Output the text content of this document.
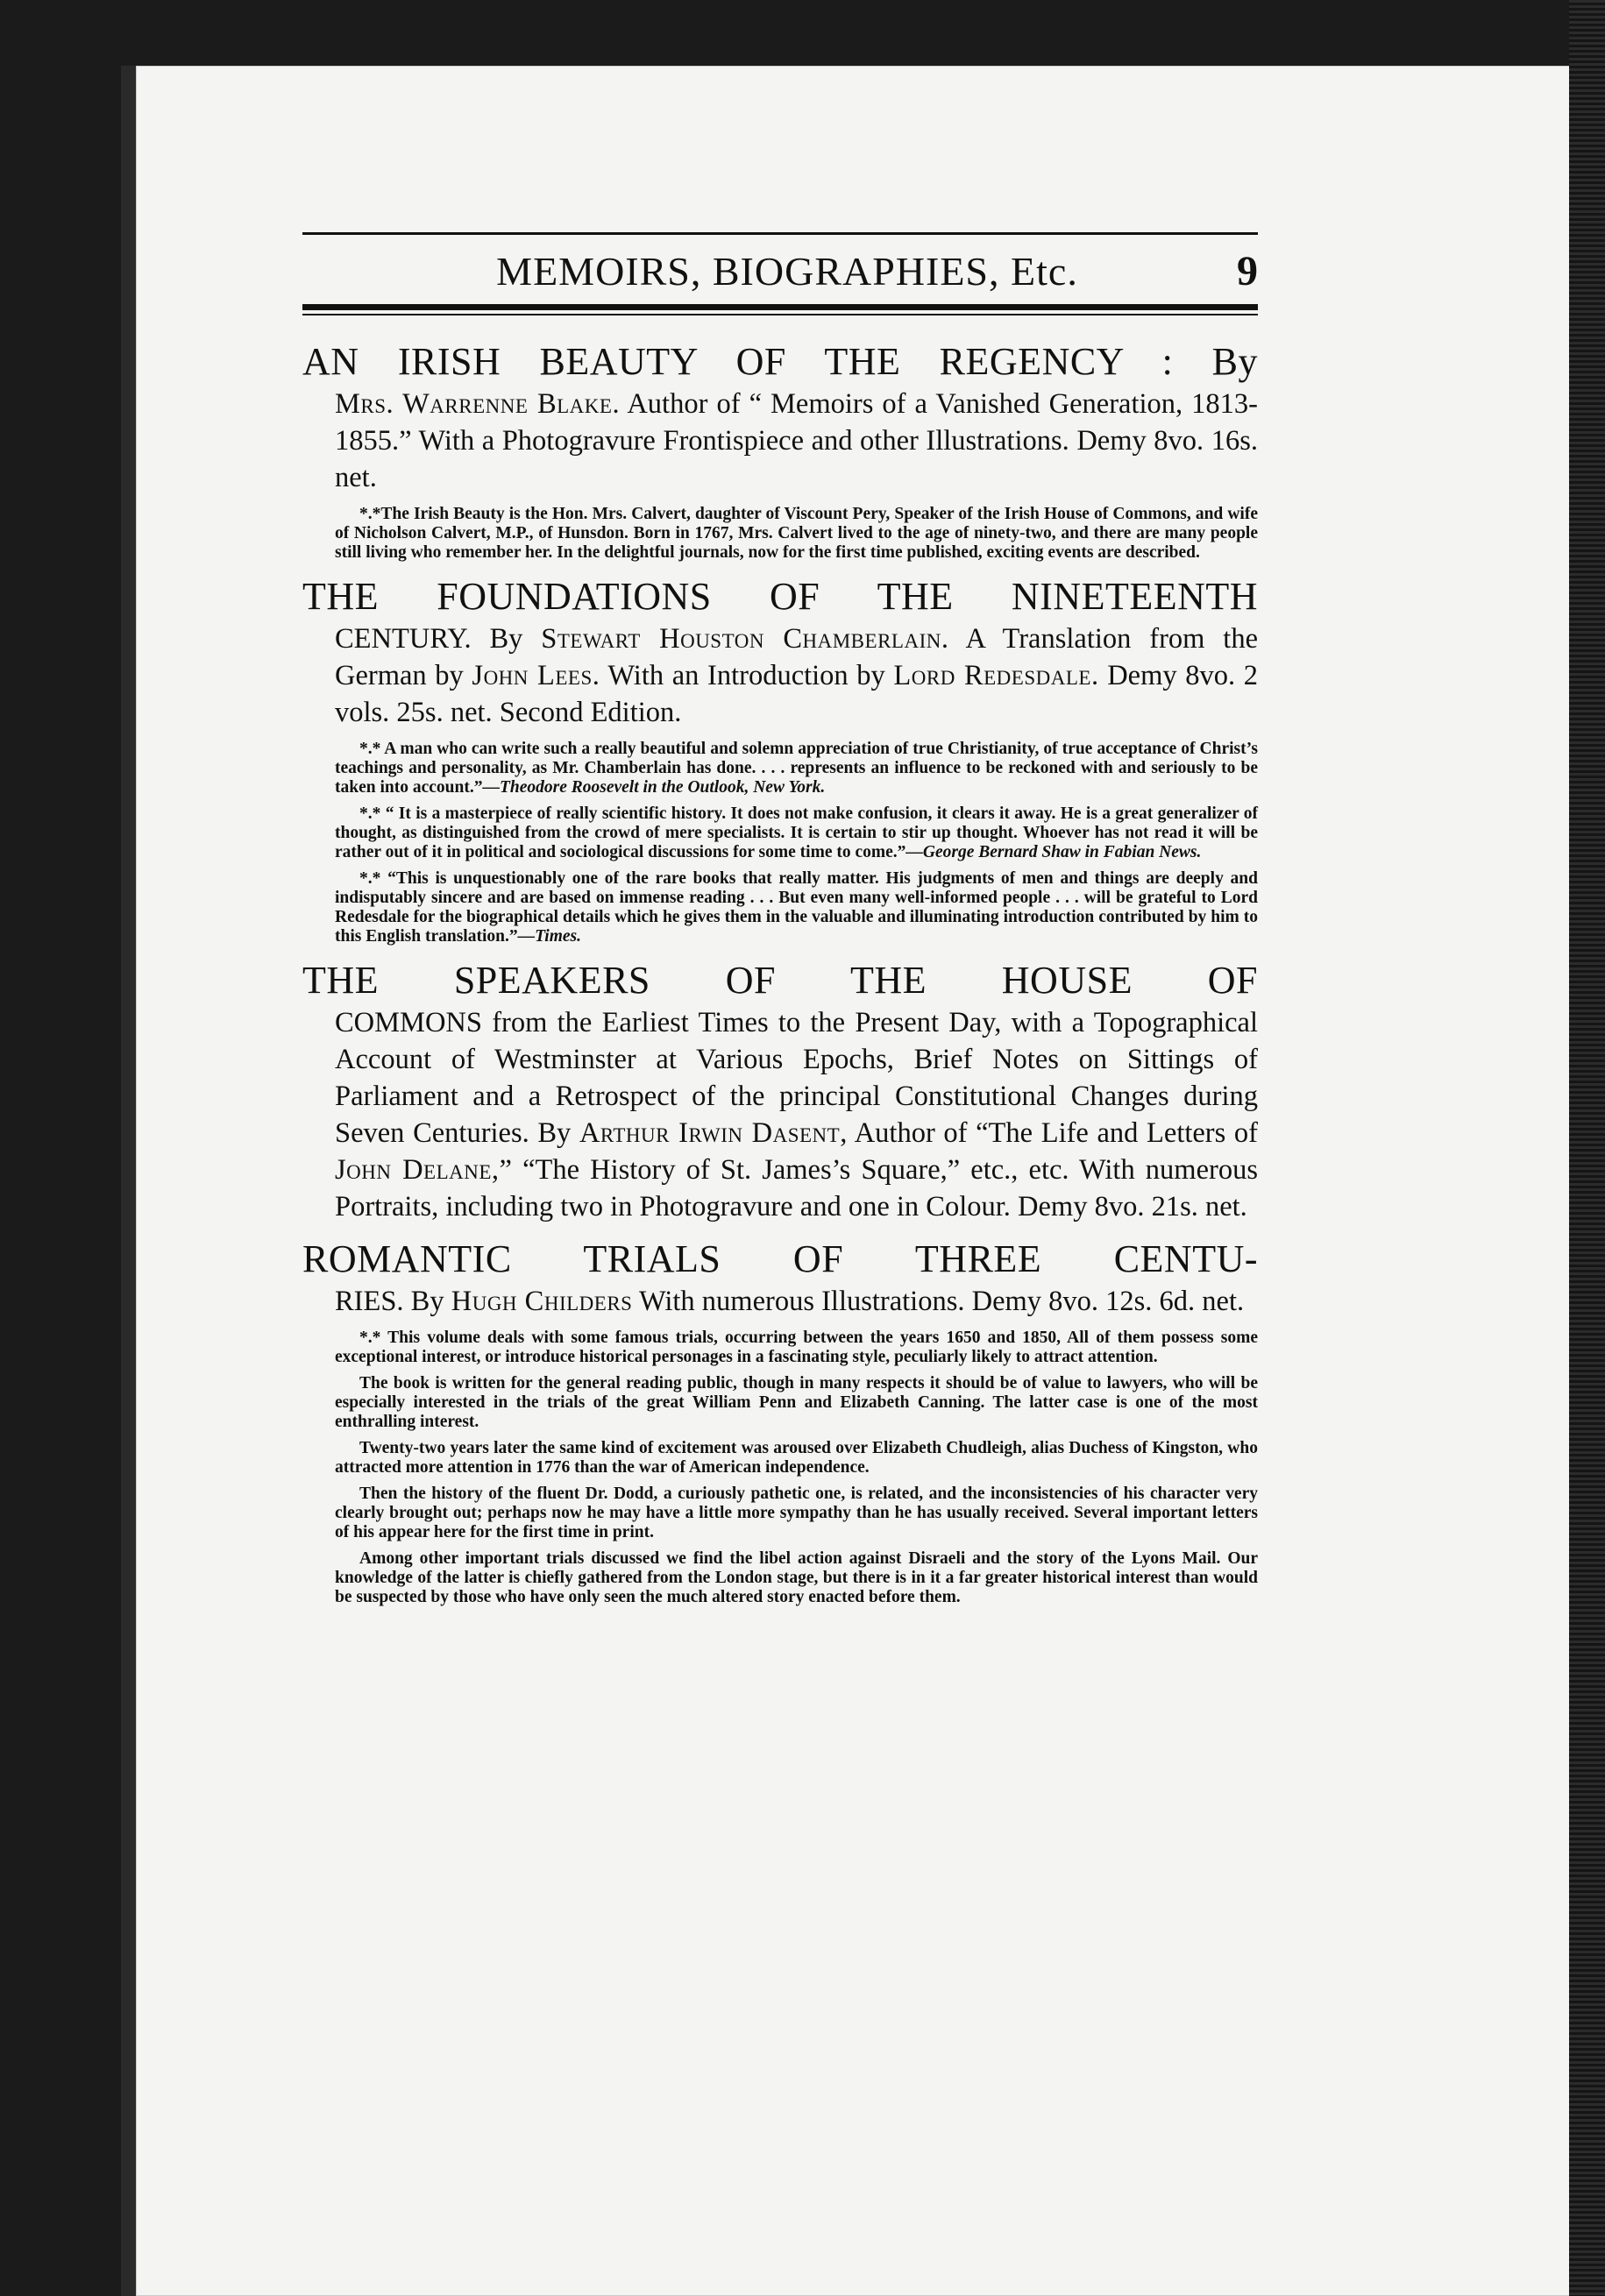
MEMOIRS, BIOGRAPHIES, Etc.	9
AN IRISH BEAUTY OF THE REGENCY : By
Mrs. Warrenne Blake. Author of “ Memoirs of a Vanished Generation, 1813-1855.” With a Photogravure Frontispiece and other Illustrations. Demy 8vo. 16s. net.

*.*The Irish Beauty is the Hon. Mrs. Calvert, daughter of Viscount Pery, Speaker of the Irish House of Commons, and wife of Nicholson Calvert, M.P., of Hunsdon. Born in 1767, Mrs. Calvert lived to the age of ninety-two, and there are many people still living who remember her. In the delightful journals, now for the first time published, exciting events are described.

THE FOUNDATIONS OF THE NINETEENTH
CENTURY. By Stewart Houston Chamberlain. A Translation from the German by John Lees. With an Introduction by Lord Redesdale. Demy 8vo. 2 vols. 25s. net. Second Edition.

*.* A man who can write such a really beautiful and solemn appreciation of true Christianity, of true acceptance of Christ’s teachings and personality, as Mr. Chamberlain has done. . . . represents an influence to be reckoned with and seriously to be taken into account.”—Theodore Roosevelt in the Outlook, New York.

*.* “ It is a masterpiece of really scientific history. It does not make confusion, it clears it away. He is a great generalizer of thought, as distinguished from the crowd of mere specialists. It is certain to stir up thought. Whoever has not read it will be rather out of it in political and sociological discussions for some time to come.”—George Bernard Shaw in Fabian News.

*.* “This is unquestionably one of the rare books that really matter. His judgments of men and things are deeply and indisputably sincere and are based on immense reading . . . But even many well-informed people . . . will be grateful to Lord Redesdale for the biographical details which he gives them in the valuable and illuminating introduction contributed by him to this English translation.”—Times.

THE SPEAKERS OF THE HOUSE OF
COMMONS from the Earliest Times to the Present Day, with a Topographical Account of Westminster at Various Epochs, Brief Notes on Sittings of Parliament and a Retrospect of the principal Constitutional Changes during Seven Centuries. By Arthur Irwin Dasent, Author of “The Life and Letters of John Delane,” “The History of St. James’s Square,” etc., etc. With numerous Portraits, including two in Photogravure and one in Colour. Demy 8vo. 21s. net.
ROMANTIC TRIALS OF THREE CENTU-
RIES. By Hugh Childers With numerous Illustrations. Demy 8vo. 12s. 6d. net.

*.* This volume deals with some famous trials, occurring between the years 1650 and 1850, All of them possess some exceptional interest, or introduce historical personages in a fascinating style, peculiarly likely to attract attention.

The book is written for the general reading public, though in many respects it should be of value to lawyers, who will be especially interested in the trials of the great William Penn and Elizabeth Canning. The latter case is one of the most enthralling interest.

Twenty-two years later the same kind of excitement was aroused over Elizabeth Chudleigh, alias Duchess of Kingston, who attracted more attention in 1776 than the war of American independence.

Then the history of the fluent Dr. Dodd, a curiously pathetic one, is related, and the inconsistencies of his character very clearly brought out; perhaps now he may have a little more sympathy than he has usually received. Several important letters of his appear here for the first time in print.

Among other important trials discussed we find the libel action against Disraeli and the story of the Lyons Mail. Our knowledge of the latter is chiefly gathered from the London stage, but there is in it a far greater historical interest than would be suspected by those who have only seen the much altered story enacted before them.
